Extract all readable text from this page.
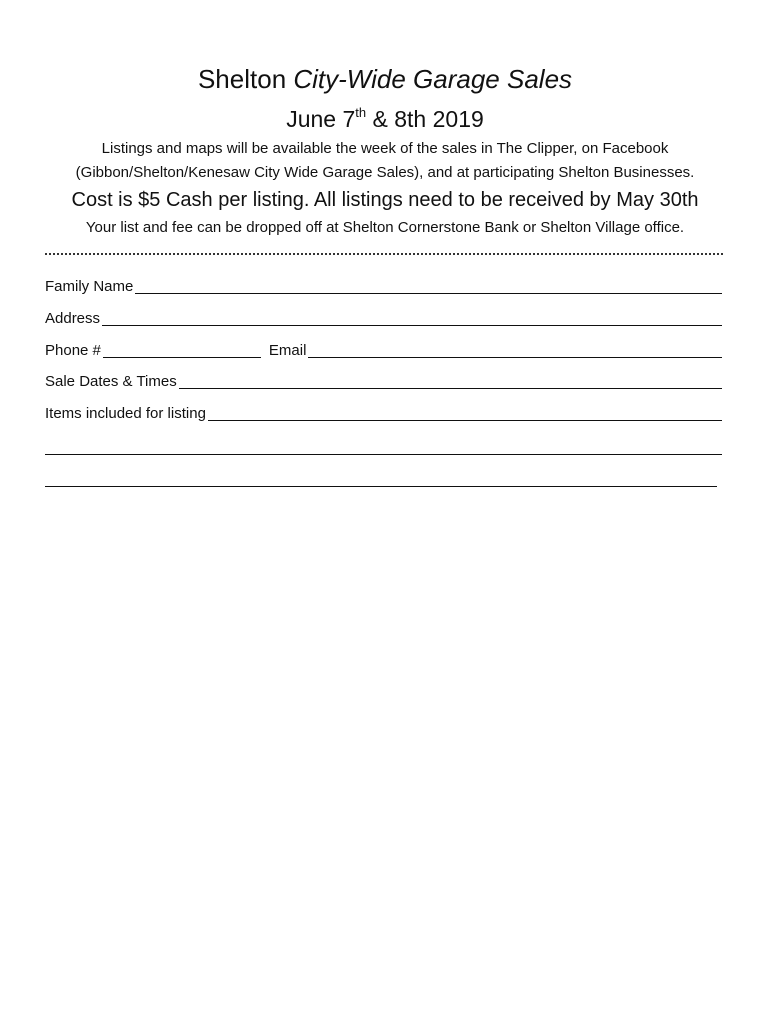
Shelton City-Wide Garage Sales
June 7th & 8th 2019
Listings and maps will be available the week of the sales in The Clipper, on Facebook
(Gibbon/Shelton/Kenesaw City Wide Garage Sales), and at participating Shelton Businesses.
Cost is $5 Cash per listing. All listings need to be received by May 30th
Your list and fee can be dropped off at Shelton Cornerstone Bank or Shelton Village office.
Family Name
Address
Phone #	Email
Sale Dates & Times
Items included for listing
